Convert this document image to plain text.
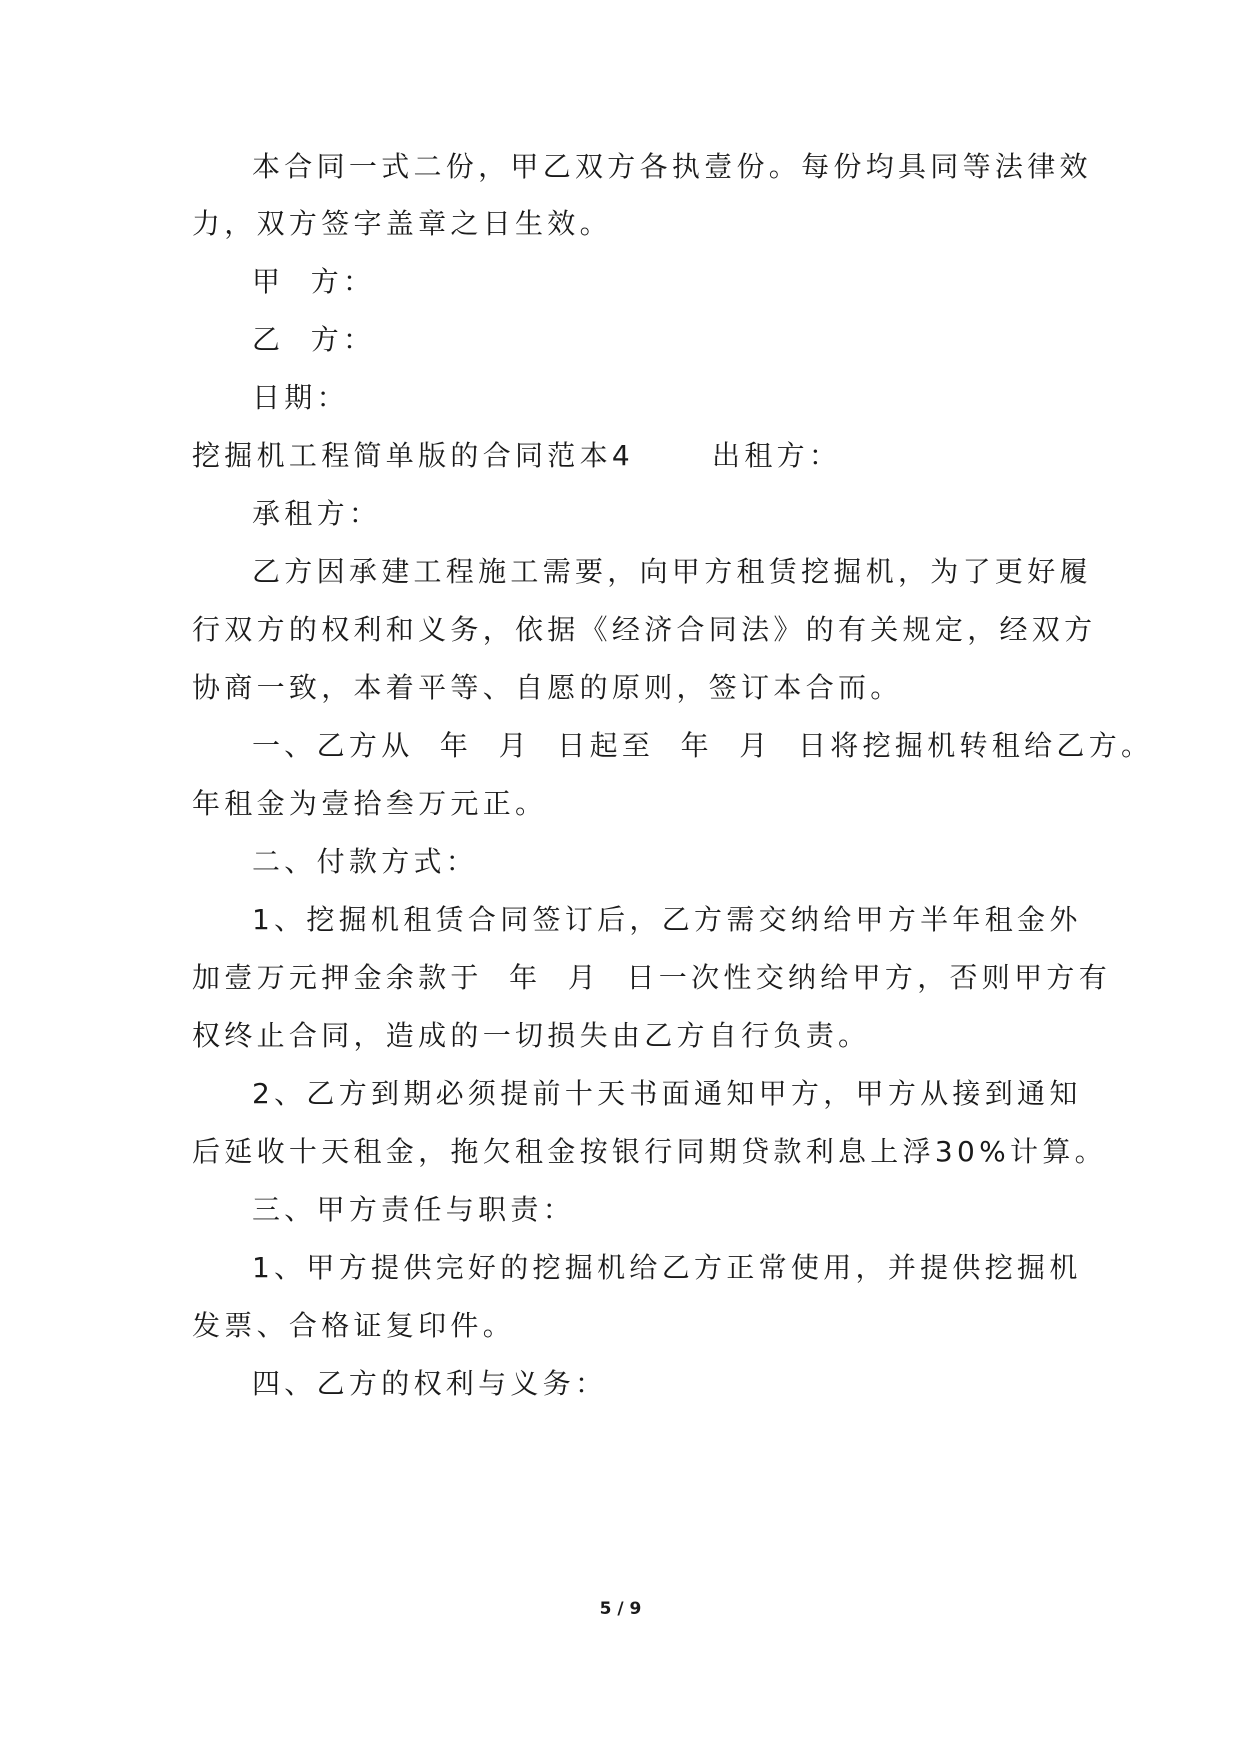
本合同一式二份，甲乙双方各执壹份。每份均具同等法律效

力，双方签字盖章之日生效。

甲  方：

乙  方：

日期：

挖掘机工程简单版的合同范本4	出租方：

承租方：

乙方因承建工程施工需要，向甲方租赁挖掘机，为了更好履

行双方的权利和义务，依据《经济合同法》的有关规定，经双方

协商一致，本着平等、自愿的原则，签订本合而。

一、乙方从  年  月  日起至  年  月  日将挖掘机转租给乙方。

年租金为壹拾叁万元正。

二、付款方式：

1、挖掘机租赁合同签订后，乙方需交纳给甲方半年租金外

加壹万元押金余款于  年  月  日一次性交纳给甲方，否则甲方有

权终止合同，造成的一切损失由乙方自行负责。

2、乙方到期必须提前十天书面通知甲方，甲方从接到通知

后延收十天租金，拖欠租金按银行同期贷款利息上浮30%计算。

三、甲方责任与职责：

1、甲方提供完好的挖掘机给乙方正常使用，并提供挖掘机

发票、合格证复印件。

四、乙方的权利与义务：

5 / 9
